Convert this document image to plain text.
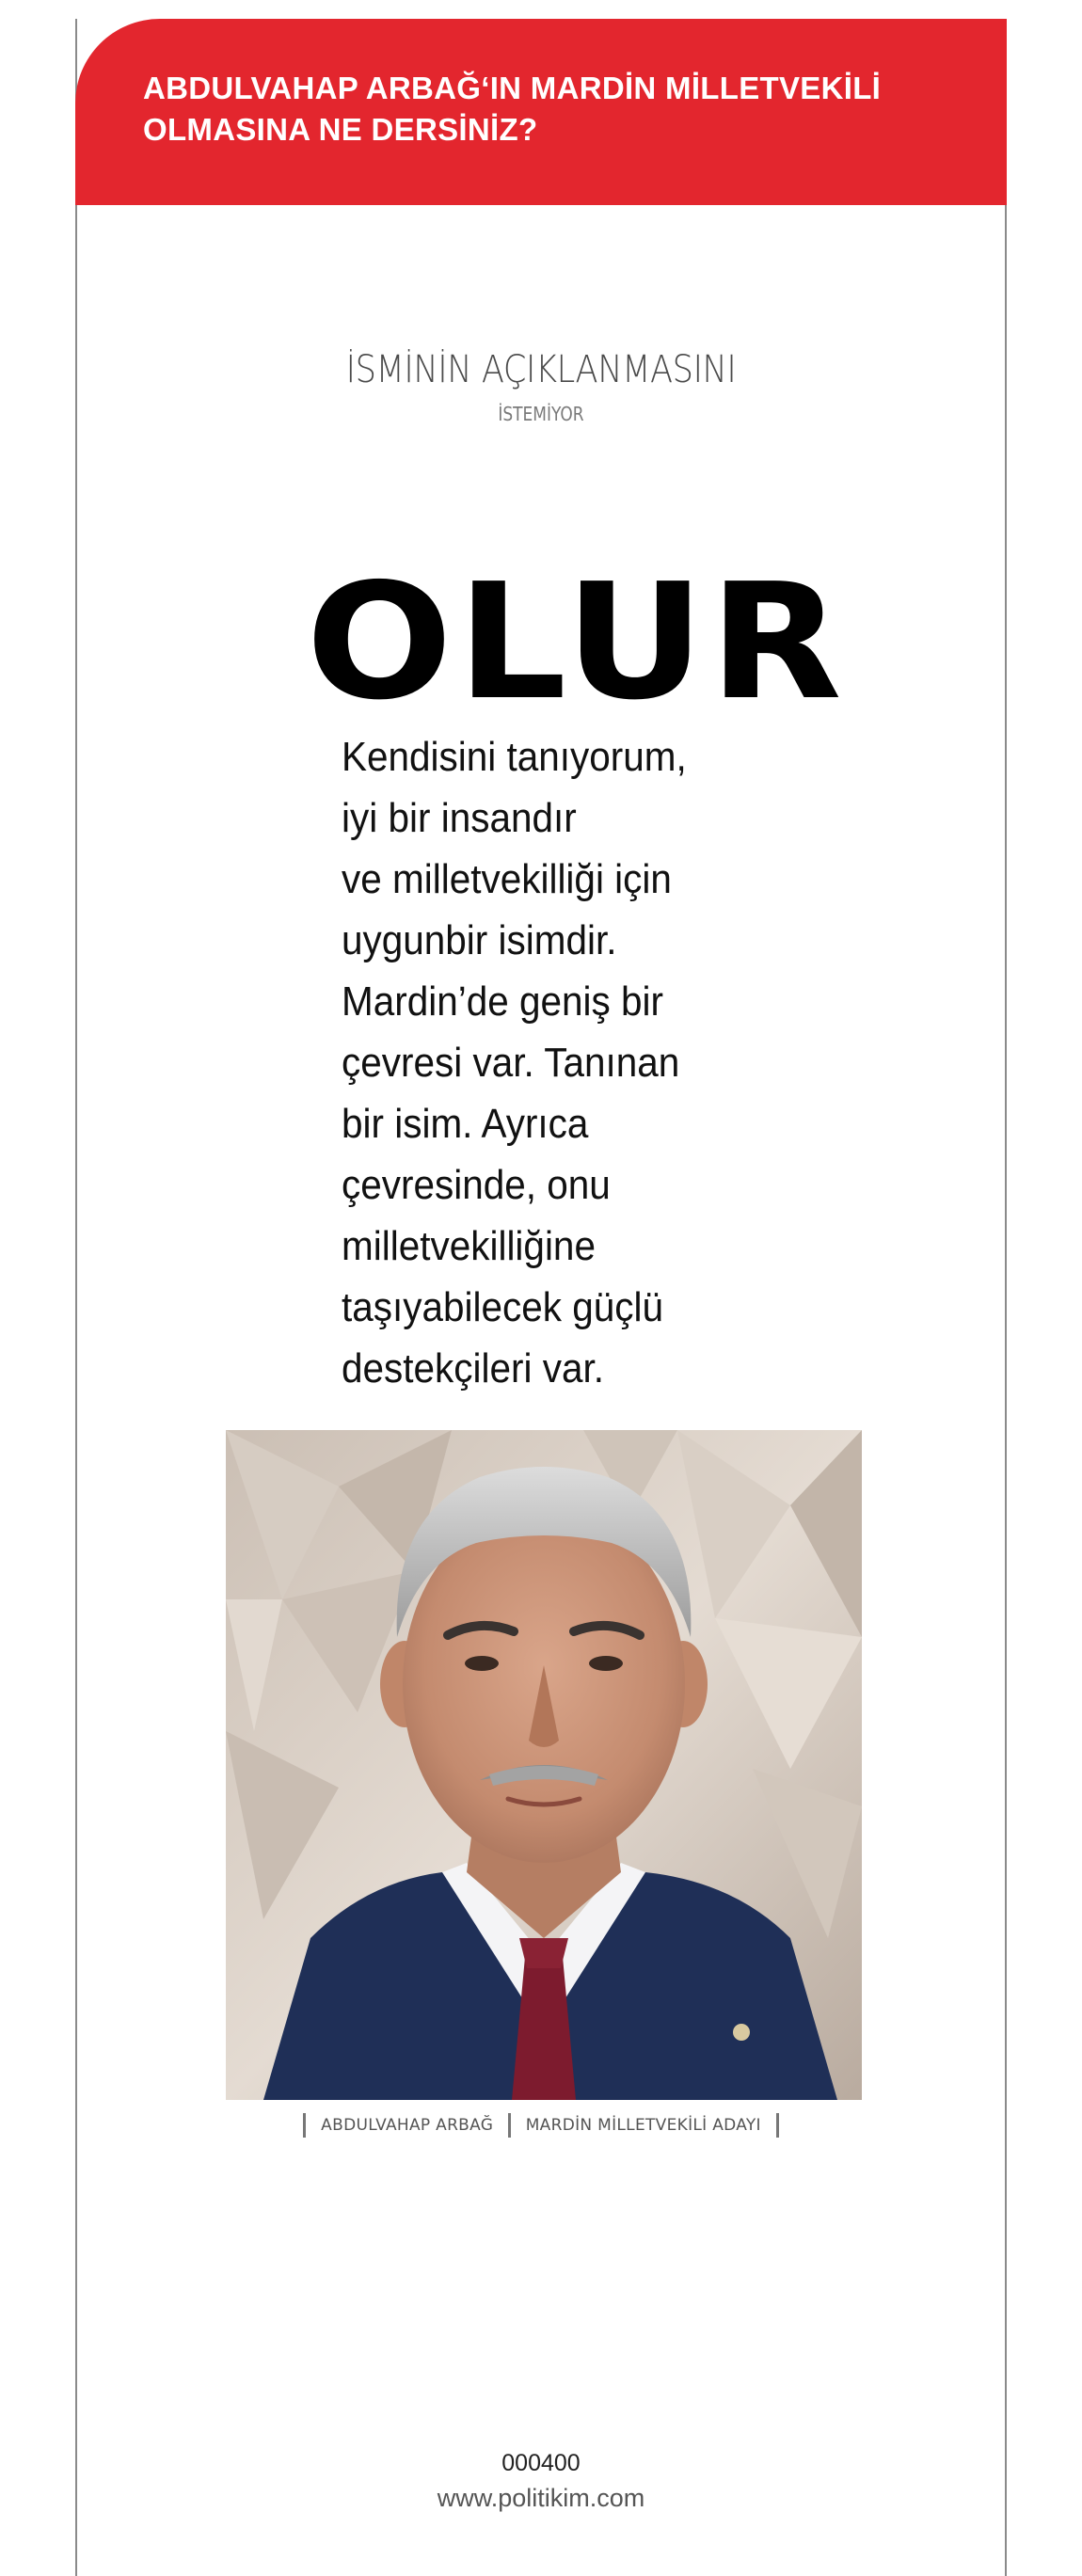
ABDULVAHAP ARBAĞ‘IN MARDİN MİLLETVEKİLİ OLMASINA NE DERSİNİZ?
İSMİNİN AÇIKLANMASINI
İSTEMİYOR
OLUR

Kendisini tanıyorum,
iyi bir insandır
ve milletvekilliği için
uygunbir isimdir.
Mardin’de geniş bir
çevresi var. Tanınan
bir isim. Ayrıca
çevresinde, onu
milletvekilliğine
taşıyabilecek güçlü
destekçileri var.

ABDULVAHAP ARBAĞ MARDİN MİLLETVEKİLİ ADAYI
000400
www.politikim.com
